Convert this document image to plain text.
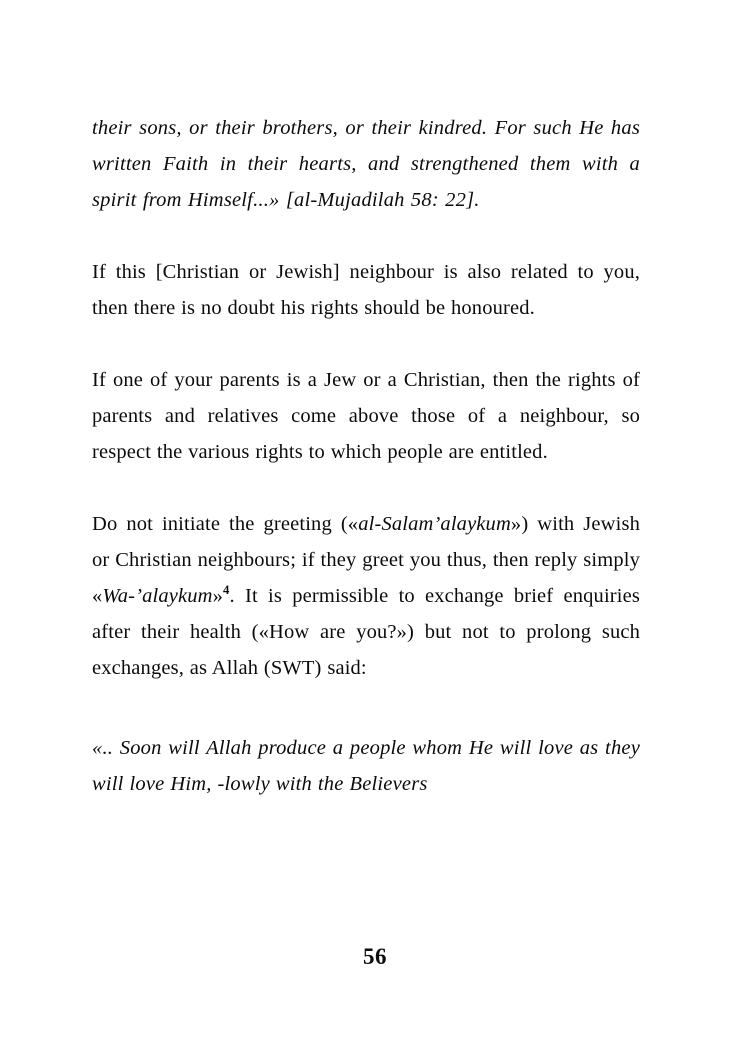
their sons, or their brothers, or their kindred. For such He has written Faith in their hearts, and strengthened them with a spirit from Himself...» [al-Mujadilah 58: 22].

If this [Christian or Jewish] neighbour is also related to you, then there is no doubt his rights should be honoured.

If one of your parents is a Jew or a Christian, then the rights of parents and relatives come above those of a neighbour, so respect the various rights to which people are entitled.

Do not initiate the greeting («al-Salam’alaykum») with Jewish or Christian neighbours; if they greet you thus, then reply simply «Wa-’alaykum»$^4$. It is permissible to exchange brief enquiries after their health («How are you?») but not to prolong such exchanges, as Allah (SWT) said:

«.. Soon will Allah produce a people whom He will love as they will love Him, -lowly with the Believers

56
